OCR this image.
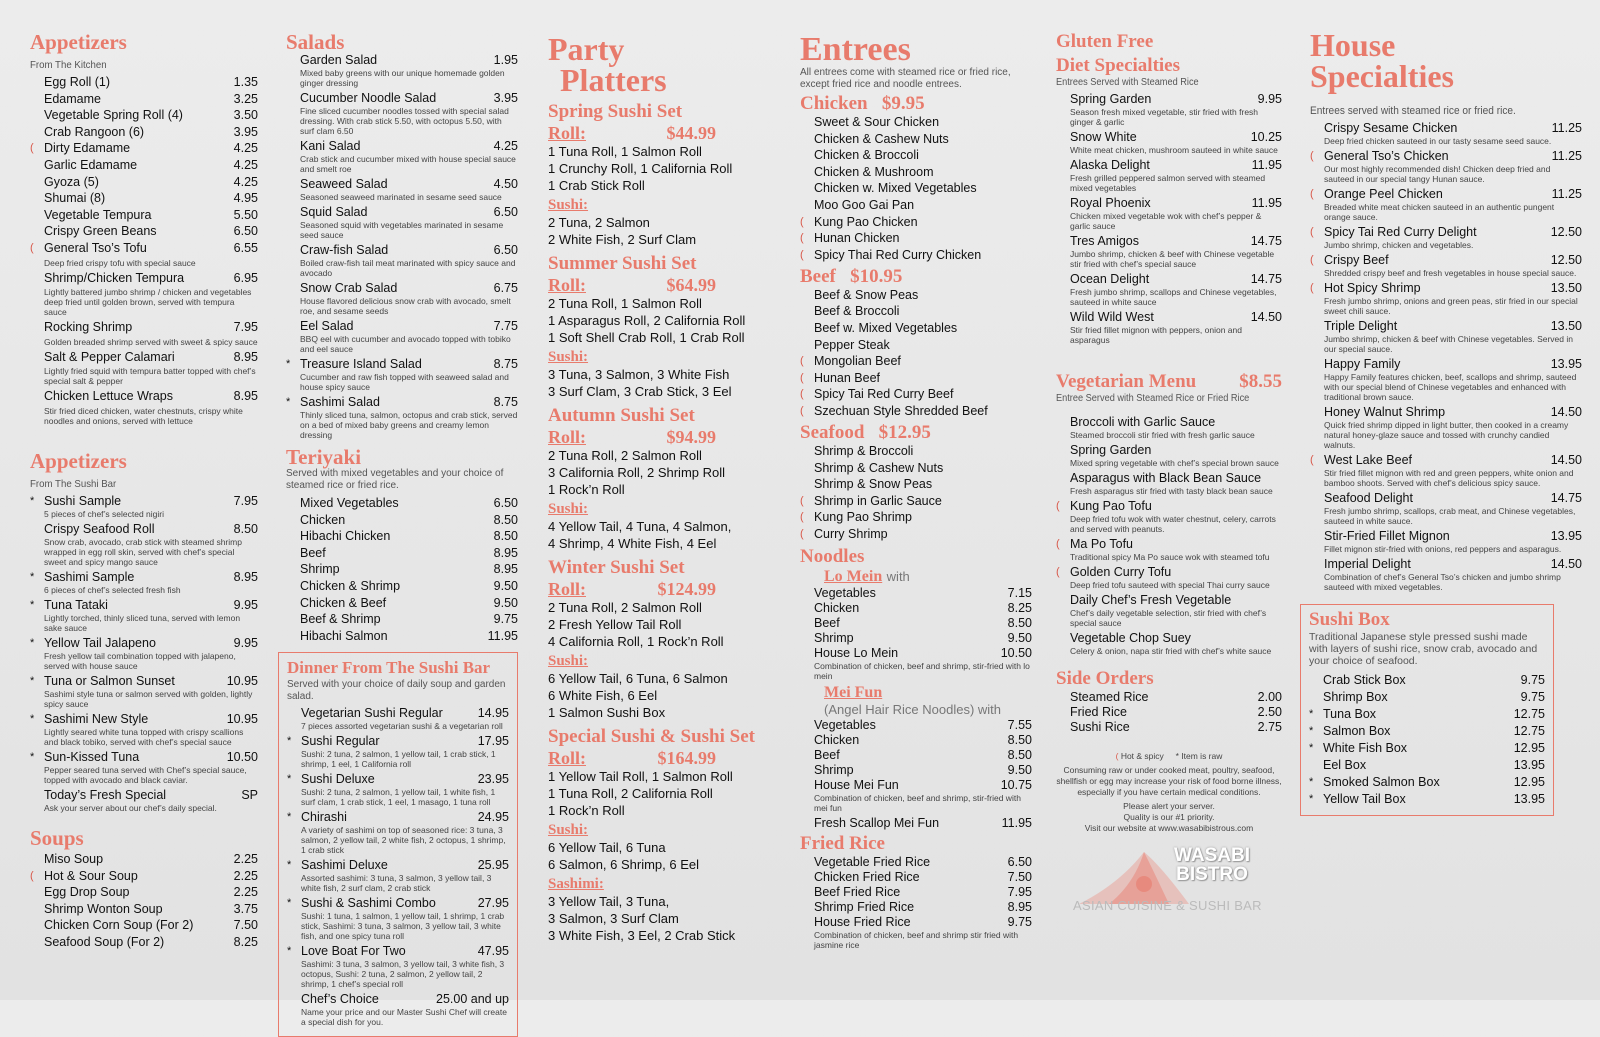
Appetizers
From The Kitchen
Egg Roll (1)	1.35
Edamame	3.25
Vegetable Spring Roll (4)	3.50
Crab Rangoon (6)	3.95
( Dirty Edamame	4.25
Garlic Edamame	4.25
Gyoza (5)	4.25
Shumai (8)	4.95
Vegetable Tempura	5.50
Crispy Green Beans	6.50
( General Tso’s Tofu	6.55
Deep fried crispy tofu with special sauce
Shrimp/Chicken Tempura	6.95
Lightly battered jumbo shrimp / chicken and vegetables deep fried until golden brown, served with tempura sauce
Rocking Shrimp	7.95
Golden breaded shrimp served with sweet & spicy sauce
Salt & Pepper Calamari	8.95
Lightly fried squid with tempura batter topped with chef’s special salt & pepper
Chicken Lettuce Wraps	8.95
Stir fried diced chicken, water chestnuts, crispy white noodles and onions, served with lettuce
Appetizers
From The Sushi Bar
* Sushi Sample	7.95
5 pieces of chef’s selected nigiri
Crispy Seafood Roll	8.50
Snow crab, avocado, crab stick with steamed shrimp wrapped in egg roll skin, served with chef’s special sweet and spicy mango sauce
* Sashimi Sample	8.95
6 pieces of chef’s selected fresh fish
* Tuna Tataki	9.95
Lightly torched, thinly sliced tuna, served with lemon sake sauce
* Yellow Tail Jalapeno	9.95
Fresh yellow tail combination topped with jalapeno, served with house sauce
* Tuna or Salmon Sunset	10.95
Sashimi style tuna or salmon served with golden, lightly spicy sauce
* Sashimi New Style	10.95
Lightly seared white tuna topped with crispy scallions and black tobiko, served with chef’s special sauce
* Sun-Kissed Tuna	10.50
Pepper seared tuna served with Chef’s special sauce, topped with avocado and black caviar.
Today’s Fresh Special	SP
Ask your server about our chef’s daily special.
Soups
Miso Soup	2.25
( Hot & Sour Soup	2.25
Egg Drop Soup	2.25
Shrimp Wonton Soup	3.75
Chicken Corn Soup (For 2)	7.50
Seafood Soup (For 2)	8.25
Salads
Garden Salad	1.95
Mixed baby greens with our unique homemade golden ginger dressing
Cucumber Noodle Salad	3.95
Fine sliced cucumber noodles tossed with special salad dressing. With crab stick 5.50, with octopus 5.50, with surf clam 6.50
Kani Salad	4.25
Crab stick and cucumber mixed with house special sauce and smelt roe
Seaweed Salad	4.50
Seasoned seaweed marinated in sesame seed sauce
Squid Salad	6.50
Seasoned squid with vegetables marinated in sesame seed sauce
Craw-fish Salad	6.50
Boiled craw-fish tail meat marinated with spicy sauce and avocado
Snow Crab Salad	6.75
House flavored delicious snow crab with avocado, smelt roe, and sesame seeds
Eel Salad	7.75
BBQ eel with cucumber and avocado topped with tobiko and eel sauce
* Treasure Island Salad	8.75
Cucumber and raw fish topped with seaweed salad and house spicy sauce
* Sashimi Salad	8.75
Thinly sliced tuna, salmon, octopus and crab stick, served on a bed of mixed baby greens and creamy lemon dressing
Teriyaki
Served with mixed vegetables and your choice of steamed rice or fried rice.
Mixed Vegetables	6.50
Chicken	8.50
Hibachi Chicken	8.50
Beef	8.95
Shrimp	8.95
Chicken & Shrimp	9.50
Chicken & Beef	9.50
Beef & Shrimp	9.75
Hibachi Salmon	11.95
Dinner From The Sushi Bar
Served with your choice of daily soup and garden salad.
Vegetarian Sushi Regular	14.95
7 pieces assorted vegetarian sushi & a vegetarian roll
* Sushi Regular	17.95
Sushi: 2 tuna, 2 salmon, 1 yellow tail, 1 crab stick, 1 shrimp, 1 eel, 1 California roll
* Sushi Deluxe	23.95
Sushi: 2 tuna, 2 salmon, 1 yellow tail, 1 white fish, 1 surf clam, 1 crab stick, 1 eel, 1 masago, 1 tuna roll
* Chirashi	24.95
A variety of sashimi on top of seasoned rice: 3 tuna, 3 salmon, 2 yellow tail, 2 white fish, 2 octopus, 1 shrimp, 1 crab stick
* Sashimi Deluxe	25.95
Assorted sashimi: 3 tuna, 3 salmon, 3 yellow tail, 3 white fish, 2 surf clam, 2 crab stick
* Sushi & Sashimi Combo	27.95
Sushi: 1 tuna, 1 salmon, 1 yellow tail, 1 shrimp, 1 crab stick, Sashimi: 3 tuna, 3 salmon, 3 yellow tail, 3 white fish, and one spicy tuna roll
* Love Boat For Two	47.95
Sashimi: 3 tuna, 3 salmon, 3 yellow tail, 3 white fish, 3 octopus, Sushi: 2 tuna, 2 salmon, 2 yellow tail, 2 shrimp, 1 chef’s special roll
Chef’s Choice	25.00 and up
Name your price and our Master Sushi Chef will create a special dish for you.
Party
Platters
Spring Sushi Set
Roll:	$44.99
1 Tuna Roll, 1 Salmon Roll
1 Crunchy Roll, 1 California Roll
1 Crab Stick Roll
Sushi:
2 Tuna, 2 Salmon
2 White Fish, 2 Surf Clam
Summer Sushi Set
Roll:	$64.99
2 Tuna Roll, 1 Salmon Roll
1 Asparagus Roll, 2 California Roll
1 Soft Shell Crab Roll, 1 Crab Roll
Sushi:
3 Tuna, 3 Salmon, 3 White Fish
3 Surf Clam, 3 Crab Stick, 3 Eel
Autumn Sushi Set
Roll:	$94.99
2 Tuna Roll, 2 Salmon Roll
3 California Roll, 2 Shrimp Roll
1 Rock’n Roll
Sushi:
4 Yellow Tail, 4 Tuna, 4 Salmon,
4 Shrimp, 4 White Fish, 4 Eel
Winter Sushi Set
Roll:	$124.99
2 Tuna Roll, 2 Salmon Roll
2 Fresh Yellow Tail Roll
4 California Roll, 1 Rock’n Roll
Sushi:
6 Yellow Tail, 6 Tuna, 6 Salmon
6 White Fish, 6 Eel
1 Salmon Sushi Box
Special Sushi & Sushi Set
Roll:	$164.99
1 Yellow Tail Roll, 1 Salmon Roll
1 Tuna Roll, 2 California Roll
1 Rock’n Roll
Sushi:
6 Yellow Tail, 6 Tuna
6 Salmon, 6 Shrimp, 6 Eel
Sashimi:
3 Yellow Tail, 3 Tuna,
3 Salmon, 3 Surf Clam
3 White Fish, 3 Eel, 2 Crab Stick
Entrees
All entrees come with steamed rice or fried rice, except fried rice and noodle entrees.
Chicken $9.95
Sweet & Sour Chicken
Chicken & Cashew Nuts
Chicken & Broccoli
Chicken & Mushroom
Chicken w. Mixed Vegetables
Moo Goo Gai Pan
( Kung Pao Chicken
( Hunan Chicken
( Spicy Thai Red Curry Chicken
Beef $10.95
Beef & Snow Peas
Beef & Broccoli
Beef w. Mixed Vegetables
Pepper Steak
( Mongolian Beef
( Hunan Beef
( Spicy Tai Red Curry Beef
( Szechuan Style Shredded Beef
Seafood $12.95
Shrimp & Broccoli
Shrimp & Cashew Nuts
Shrimp & Snow Peas
( Shrimp in Garlic Sauce
( Kung Pao Shrimp
( Curry Shrimp
Noodles
Lo Mein with
Vegetables	7.15
Chicken	8.25
Beef	8.50
Shrimp	9.50
House Lo Mein	10.50
Combination of chicken, beef and shrimp, stir-fried with lo mein
Mei Fun
(Angel Hair Rice Noodles) with
Vegetables	7.55
Chicken	8.50
Beef	8.50
Shrimp	9.50
House Mei Fun	10.75
Combination of chicken, beef and shrimp, stir-fried with mei fun
Fresh Scallop Mei Fun	11.95
Fried Rice
Vegetable Fried Rice	6.50
Chicken Fried Rice	7.50
Beef Fried Rice	7.95
Shrimp Fried Rice	8.95
House Fried Rice	9.75
Combination of chicken, beef and shrimp stir fried with jasmine rice
Gluten Free
Diet Specialties
Entrees Served with Steamed Rice
Spring Garden	9.95
Season fresh mixed vegetable, stir fried with fresh ginger & garlic
Snow White	10.25
White meat chicken, mushroom sauteed in white sauce
Alaska Delight	11.95
Fresh grilled peppered salmon served with steamed mixed vegetables
Royal Phoenix	11.95
Chicken mixed vegetable wok with chef’s pepper & garlic sauce
Tres Amigos	14.75
Jumbo shrimp, chicken & beef with Chinese vegetable stir fried with chef’s special sauce
Ocean Delight	14.75
Fresh jumbo shrimp, scallops and Chinese vegetables, sauteed in white sauce
Wild Wild West	14.50
Stir fried fillet mignon with peppers, onion and asparagus
Vegetarian Menu $8.55
Entree Served with Steamed Rice or Fried Rice
Broccoli with Garlic Sauce
Steamed broccoli stir fried with fresh garlic sauce
Spring Garden
Mixed spring vegetable with chef’s special brown sauce
Asparagus with Black Bean Sauce
Fresh asparagus stir fried with tasty black bean sauce
( Kung Pao Tofu
Deep fried tofu wok with water chestnut, celery, carrots and served with peanuts.
( Ma Po Tofu
Traditional spicy Ma Po sauce wok with steamed tofu
( Golden Curry Tofu
Deep fried tofu sauteed with special Thai curry sauce
Daily Chef’s Fresh Vegetable
Chef’s daily vegetable selection, stir fried with chef’s special sauce
Vegetable Chop Suey
Celery & onion, napa stir fried with chef’s white sauce
Side Orders
Steamed Rice	2.00
Fried Rice	2.50
Sushi Rice	2.75
( Hot & spicy * Item is raw
Consuming raw or under cooked meat, poultry, seafood, shellfish or egg may increase your risk of food borne illness, especially if you have certain medical conditions.
Please alert your server.
Quality is our #1 priority.
Visit our website at www.wasabibistrous.com
WASABI
BISTRO
ASIAN CUISINE & SUSHI BAR
House
Specialties
Entrees served with steamed rice or fried rice.
Crispy Sesame Chicken	11.25
Deep fried chicken sauteed in our tasty sesame seed sauce.
( General Tso’s Chicken	11.25
Our most highly recommended dish! Chicken deep fried and sauteed in our special tangy Hunan sauce.
( Orange Peel Chicken	11.25
Breaded white meat chicken sauteed in an authentic pungent orange sauce.
( Spicy Tai Red Curry Delight	12.50
Jumbo shrimp, chicken and vegetables.
( Crispy Beef	12.50
Shredded crispy beef and fresh vegetables in house special sauce.
( Hot Spicy Shrimp	13.50
Fresh jumbo shrimp, onions and green peas, stir fried in our special sweet chili sauce.
Triple Delight	13.50
Jumbo shrimp, chicken & beef with Chinese vegetables. Served in our special sauce.
Happy Family	13.95
Happy Family features chicken, beef, scallops and shrimp, sauteed with our special blend of Chinese vegetables and enhanced with traditional brown sauce.
Honey Walnut Shrimp	14.50
Quick fried shrimp dipped in light butter, then cooked in a creamy natural honey-glaze sauce and tossed with crunchy candied walnuts.
( West Lake Beef	14.50
Stir fried fillet mignon with red and green peppers, white onion and bamboo shoots. Served with chef’s delicious spicy sauce.
Seafood Delight	14.75
Fresh jumbo shrimp, scallops, crab meat, and Chinese vegetables, sauteed in white sauce.
Stir-Fried Fillet Mignon	13.95
Fillet mignon stir-fried with onions, red peppers and asparagus.
Imperial Delight	14.50
Combination of chef’s General Tso’s chicken and jumbo shrimp sauteed with mixed vegetables.
Sushi Box
Traditional Japanese style pressed sushi made with layers of sushi rice, snow crab, avocado and your choice of seafood.
Crab Stick Box	9.75
Shrimp Box	9.75
* Tuna Box	12.75
* Salmon Box	12.75
* White Fish Box	12.95
Eel Box	13.95
* Smoked Salmon Box	12.95
* Yellow Tail Box	13.95
